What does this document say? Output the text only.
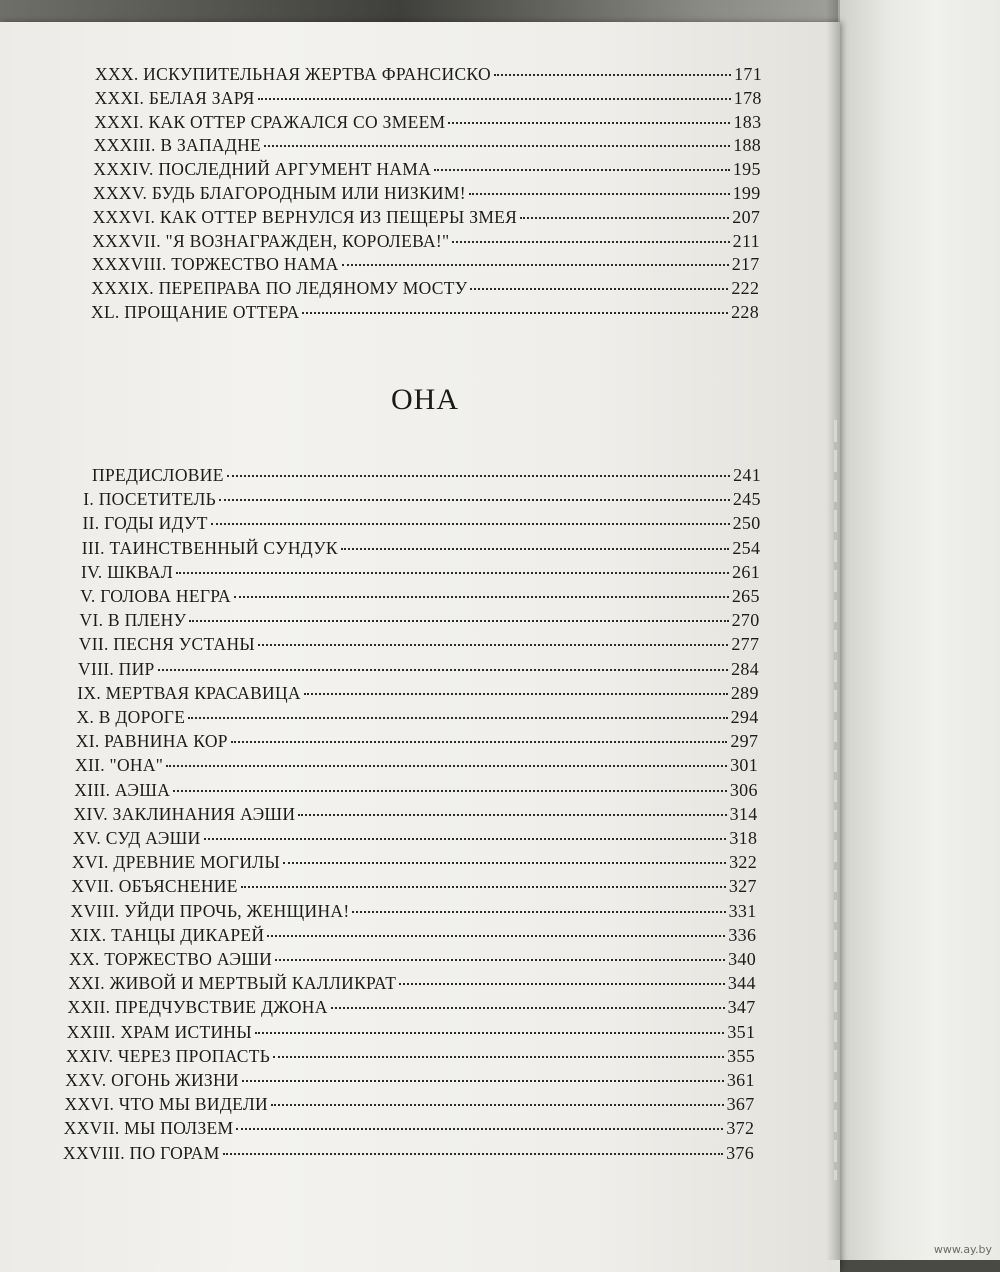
XXX. ИСКУПИТЕЛЬНАЯ ЖЕРТВА ФРАНСИСКО	171
XXXI. БЕЛАЯ ЗАРЯ	178
XXXI. КАК ОТТЕР СРАЖАЛСЯ СО ЗМЕЕМ	183
XXXIII. В ЗАПАДНЕ	188
XXXIV. ПОСЛЕДНИЙ АРГУМЕНТ НАМА	195
XXXV. БУДЬ БЛАГОРОДНЫМ ИЛИ НИЗКИМ!	199
XXXVI. КАК ОТТЕР ВЕРНУЛСЯ ИЗ ПЕЩЕРЫ ЗМЕЯ	207
XXXVII. "Я ВОЗНАГРАЖДЕН, КОРОЛЕВА!"	211
XXXVIII. ТОРЖЕСТВО НАМА	217
XXXIX. ПЕРЕПРАВА ПО ЛЕДЯНОМУ МОСТУ	222
XL. ПРОЩАНИЕ ОТТЕРА	228
ОНА
ПРЕДИСЛОВИЕ	241
I. ПОСЕТИТЕЛЬ	245
II. ГОДЫ ИДУТ	250
III. ТАИНСТВЕННЫЙ СУНДУК	254
IV. ШКВАЛ	261
V. ГОЛОВА НЕГРА	265
VI. В ПЛЕНУ	270
VII. ПЕСНЯ УСТАНЫ	277
VIII. ПИР	284
IX. МЕРТВАЯ КРАСАВИЦА	289
X. В ДОРОГЕ	294
XI. РАВНИНА КОР	297
XII. "ОНА"	301
XIII. АЭША	306
XIV. ЗАКЛИНАНИЯ АЭШИ	314
XV. СУД АЭШИ	318
XVI. ДРЕВНИЕ МОГИЛЫ	322
XVII. ОБЪЯСНЕНИЕ	327
XVIII. УЙДИ ПРОЧЬ, ЖЕНЩИНА!	331
XIX. ТАНЦЫ ДИКАРЕЙ	336
XX. ТОРЖЕСТВО АЭШИ	340
XXI. ЖИВОЙ И МЕРТВЫЙ КАЛЛИКРАТ	344
XXII. ПРЕДЧУВСТВИЕ ДЖОНА	347
XXIII. ХРАМ ИСТИНЫ	351
XXIV. ЧЕРЕЗ ПРОПАСТЬ	355
XXV. ОГОНЬ ЖИЗНИ	361
XXVI. ЧТО МЫ ВИДЕЛИ	367
XXVII. МЫ ПОЛЗЕМ	372
XXVIII. ПО ГОРАМ	376
www.ay.by
